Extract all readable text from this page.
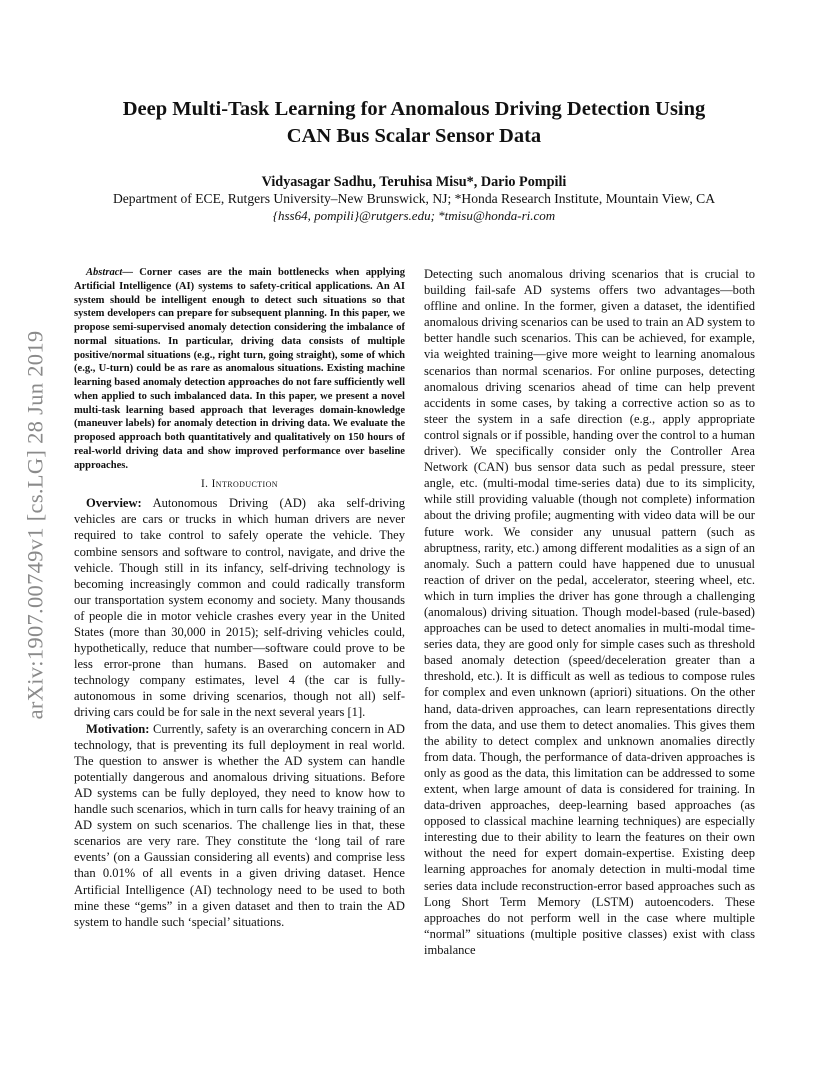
arXiv:1907.00749v1 [cs.LG] 28 Jun 2019
Deep Multi-Task Learning for Anomalous Driving Detection Using
CAN Bus Scalar Sensor Data

Vidyasagar Sadhu, Teruhisa Misu*, Dario Pompili

Department of ECE, Rutgers University–New Brunswick, NJ; *Honda Research Institute, Mountain View, CA

{hss64, pompili}@rutgers.edu; *tmisu@honda-ri.com

Abstract— Corner cases are the main bottlenecks when applying Artificial Intelligence (AI) systems to safety-critical applications. An AI system should be intelligent enough to detect such situations so that system developers can prepare for subsequent planning. In this paper, we propose semi-supervised anomaly detection considering the imbalance of normal situations. In particular, driving data consists of multiple positive/normal situations (e.g., right turn, going straight), some of which (e.g., U-turn) could be as rare as anomalous situations. Existing machine learning based anomaly detection approaches do not fare sufficiently well when applied to such imbalanced data. In this paper, we present a novel multi-task learning based approach that leverages domain-knowledge (maneuver labels) for anomaly detection in driving data. We evaluate the proposed approach both quantitatively and qualitatively on 150 hours of real-world driving data and show improved performance over baseline approaches.

I. Introduction

Overview: Autonomous Driving (AD) aka self-driving vehicles are cars or trucks in which human drivers are never required to take control to safely operate the vehicle. They combine sensors and software to control, navigate, and drive the vehicle. Though still in its infancy, self-driving technology is becoming increasingly common and could radically transform our transportation system economy and society. Many thousands of people die in motor vehicle crashes every year in the United States (more than 30,000 in 2015); self-driving vehicles could, hypothetically, reduce that number—software could prove to be less error-prone than humans. Based on automaker and technology company estimates, level 4 (the car is fully-autonomous in some driving scenarios, though not all) self-driving cars could be for sale in the next several years [1].

Motivation: Currently, safety is an overarching concern in AD technology, that is preventing its full deployment in real world. The question to answer is whether the AD system can handle potentially dangerous and anomalous driving situations. Before AD systems can be fully deployed, they need to know how to handle such scenarios, which in turn calls for heavy training of an AD system on such scenarios. The challenge lies in that, these scenarios are very rare. They constitute the ‘long tail of rare events’ (on a Gaussian considering all events) and comprise less than 0.01% of all events in a given driving dataset. Hence Artificial Intelligence (AI) technology need to be used to both mine these “gems” in a given dataset and then to train the AD system to handle such ‘special’ situations.

Detecting such anomalous driving scenarios that is crucial to building fail-safe AD systems offers two advantages—both offline and online. In the former, given a dataset, the identified anomalous driving scenarios can be used to train an AD system to better handle such scenarios. This can be achieved, for example, via weighted training—give more weight to learning anomalous scenarios than normal scenarios. For online purposes, detecting anomalous driving scenarios ahead of time can help prevent accidents in some cases, by taking a corrective action so as to steer the system in a safe direction (e.g., apply appropriate control signals or if possible, handing over the control to a human driver). We specifically consider only the Controller Area Network (CAN) bus sensor data such as pedal pressure, steer angle, etc. (multi-modal time-series data) due to its simplicity, while still providing valuable (though not complete) information about the driving profile; augmenting with video data will be our future work. We consider any unusual pattern (such as abruptness, rarity, etc.) among different modalities as a sign of an anomaly. Such a pattern could have happened due to unusual reaction of driver on the pedal, accelerator, steering wheel, etc. which in turn implies the driver has gone through a challenging (anomalous) driving situation. Though model-based (rule-based) approaches can be used to detect anomalies in multi-modal time-series data, they are good only for simple cases such as threshold based anomaly detection (speed/deceleration greater than a threshold, etc.). It is difficult as well as tedious to compose rules for complex and even unknown (apriori) situations. On the other hand, data-driven approaches, can learn representations directly from the data, and use them to detect anomalies. This gives them the ability to detect complex and unknown anomalies directly from data. Though, the performance of data-driven approaches is only as good as the data, this limitation can be addressed to some extent, when large amount of data is considered for training. In data-driven approaches, deep-learning based approaches (as opposed to classical machine learning techniques) are especially interesting due to their ability to learn the features on their own without the need for expert domain-expertise. Existing deep learning approaches for anomaly detection in multi-modal time series data include reconstruction-error based approaches such as Long Short Term Memory (LSTM) autoencoders. These approaches do not perform well in the case where multiple “normal” situations (multiple positive classes) exist with class imbalance
